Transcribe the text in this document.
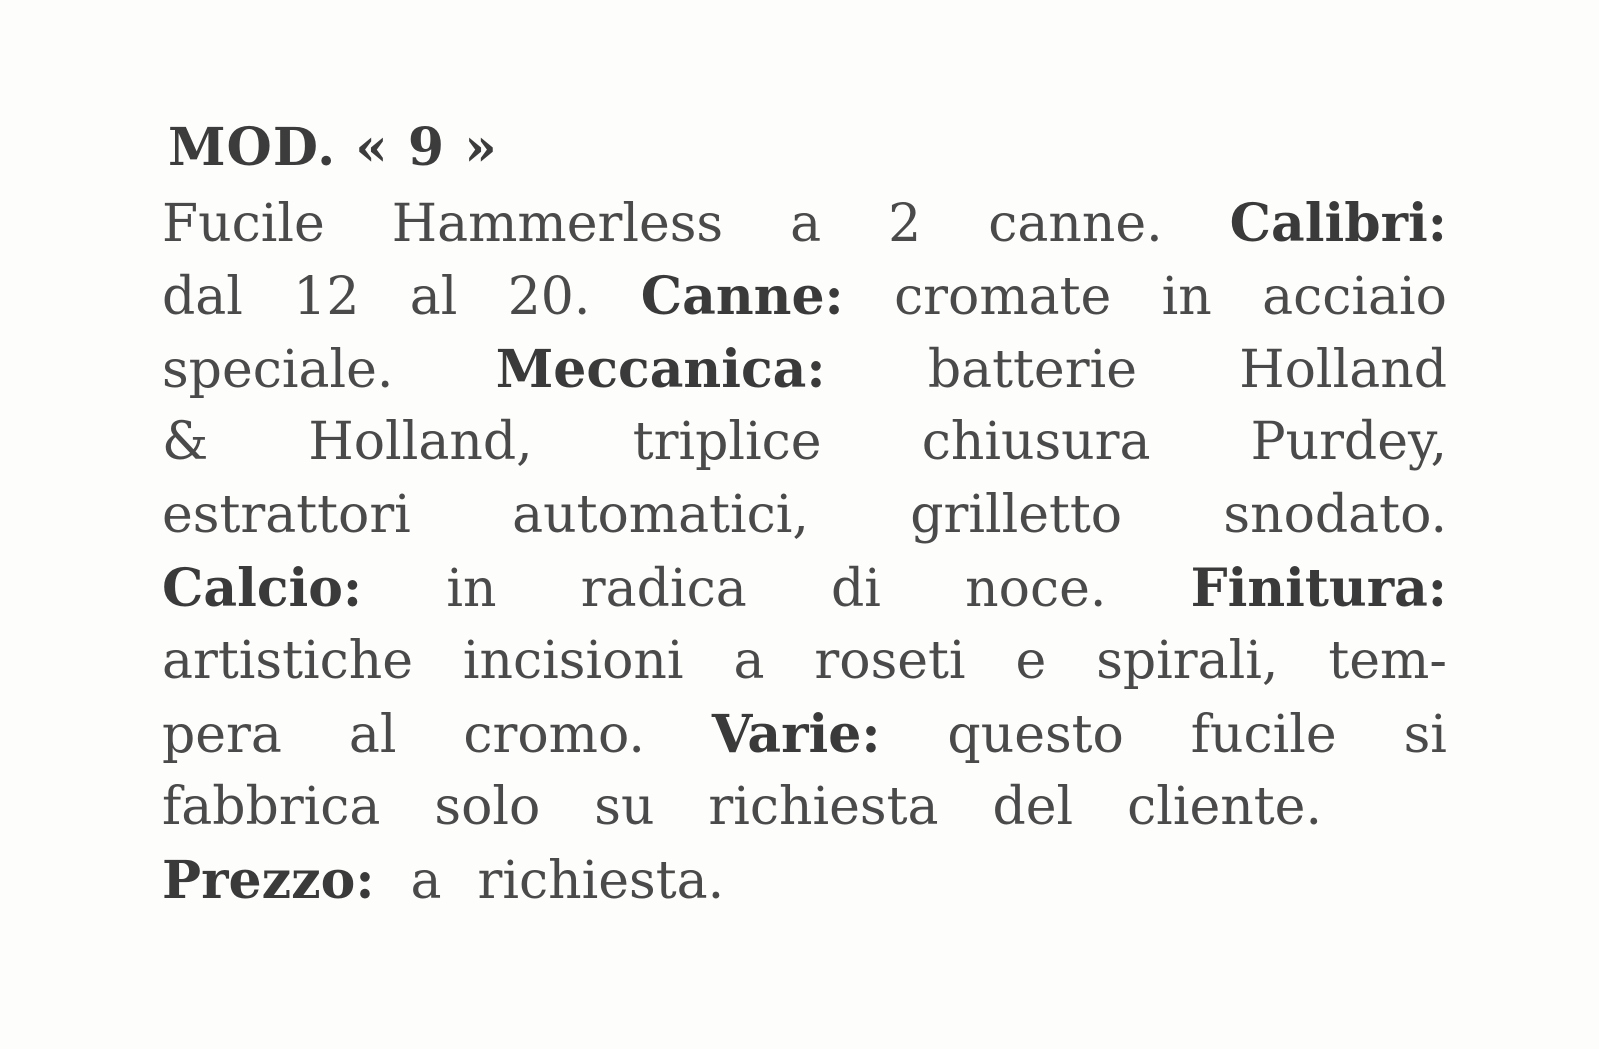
MOD. « 9 »
Fucile Hammerless a 2 canne. Calibri:
dal 12 al 20. Canne: cromate in acciaio
speciale. Meccanica: batterie Holland
& Holland, triplice chiusura Purdey,
estrattori automatici, grilletto snodato.
Calcio: in radica di noce. Finitura:
artistiche incisioni a roseti e spirali, tem-
pera al cromo. Varie: questo fucile si
fabbrica solo su richiesta del cliente.
Prezzo: a richiesta.
